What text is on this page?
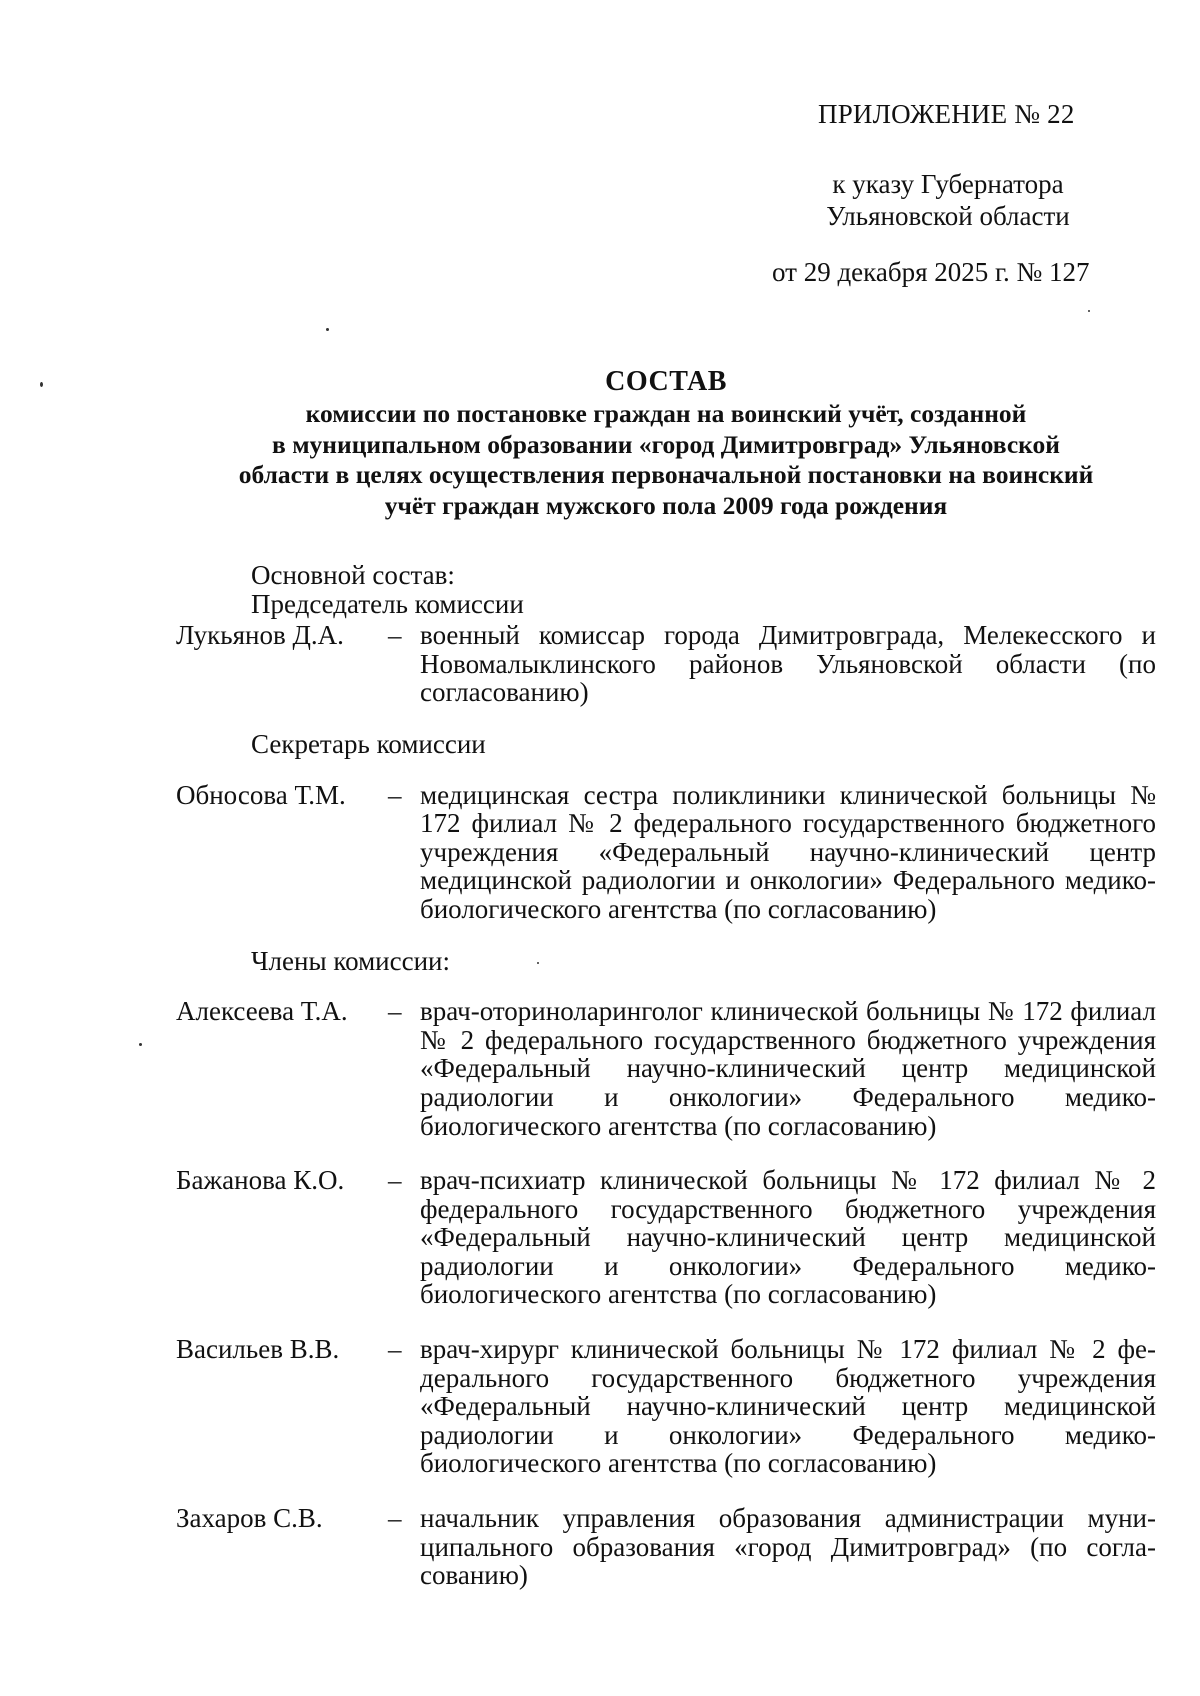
ПРИЛОЖЕНИЕ № 22
к указу Губернатора
Ульяновской области
от 29 декабря 2025 г. № 127
СОСТАВ
комиссии по постановке граждан на воинский учёт, созданной
в муниципальном образовании «город Димитровград» Ульяновской
области в целях осуществления первоначальной постановки на воинский
учёт граждан мужского пола 2009 года рождения

Основной состав:

Председатель комиссии

Лукьянов Д.А.	– военный комиссар города Димитровграда, Мелекесского и Новомалыклинского районов Ульяновской области (по согласованию)

Секретарь комиссии

Обносова Т.М.	– медицинская сестра поликлиники клинической больницы № 172 филиал № 2 федерального государственного бюджетного учреждения «Федеральный научно-клинический центр медицинской радиологии и онкологии» Федерального медико-биологического агентства (по согласованию)

Члены комиссии:

Алексеева Т.А.	– врач-оториноларинголог клинической больницы № 172 филиал № 2 федерального государственного бюджетного учреждения «Федеральный научно-клинический центр медицинской радиологии и онкологии» Федерального медико-биологического агентства (по согласованию)
Бажанова К.О.	– врач-психиатр клинической больницы № 172 филиал № 2 федерального государственного бюджетного учреждения «Федеральный научно-клинический центр медицинской радиологии и онкологии» Федерального медико-биологического агентства (по согласованию)
Васильев В.В.	– врач-хирург клинической больницы № 172 филиал № 2 федерального государственного бюджетного учреждения «Федеральный научно-клинический центр медицинской радиологии и онкологии» Федерального медико-биологического агентства (по согласованию)
Захаров С.В.	– начальник управления образования администрации муниципального образования «город Димитровград» (по согласованию)
